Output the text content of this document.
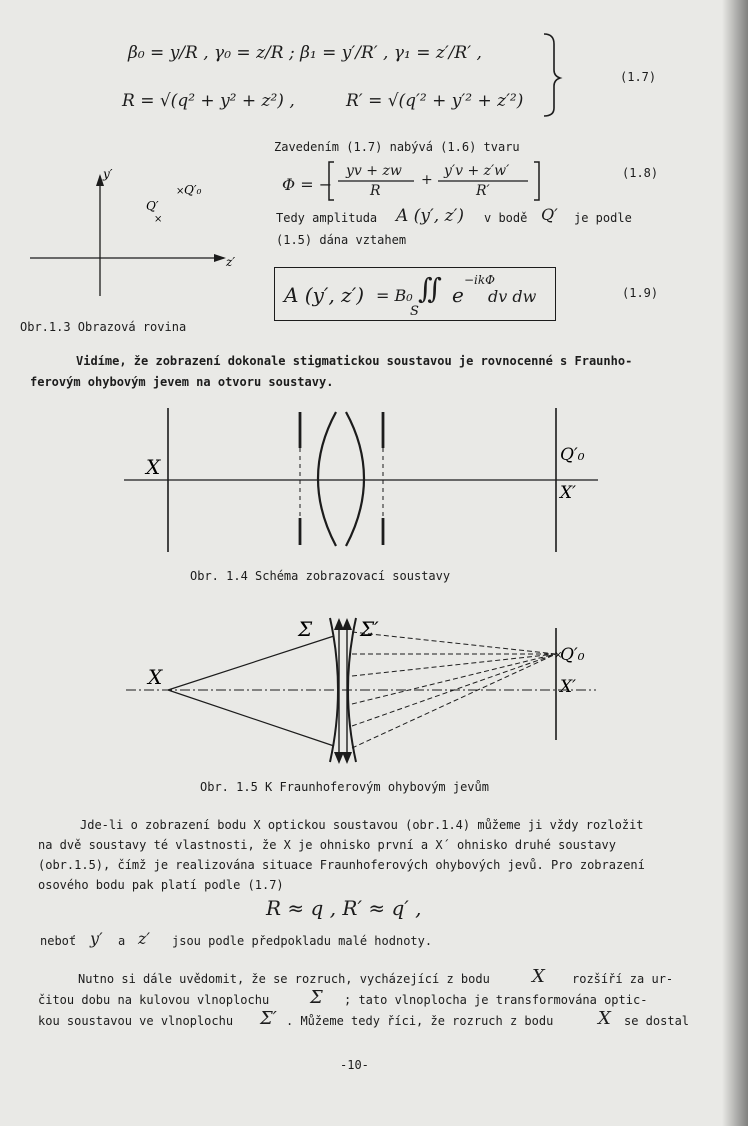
β₀ = y/R , γ₀ = z/R ; β₁ = y′/R′ , γ₁ = z′/R′ ,
R = √(q² + y² + z²) ,	R′ = √(q′² + y′² + z′²)
(1.7)
Zavedením (1.7) nabývá (1.6) tvaru
Φ = −
yv + zw
R
+
y′v + z′w′
R′
(1.8)
Tedy amplituda A (y′, z′) v bodě Q′ je podle
(1.5) dána vztahem
A (y′, z′) = B₀ ∬ e
−ikΦ
dv dw
S
(1.9)
y′
z′
Q′
×
× Q′₀
Obr.1.3 Obrazová rovina
Vidíme, že zobrazení dokonale stigmatickou soustavou je rovnocenné s Fraunho-
ferovým ohybovým jevem na otvoru soustavy.
X	Q′₀
X′
Obr. 1.4 Schéma zobrazovací soustavy
×
Σ Σ′
X
Q′₀
X′
Obr. 1.5 K Fraunhoferovým ohybovým jevům
Jde-li o zobrazení bodu X optickou soustavou (obr.1.4) můžeme ji vždy rozložit
na dvě soustavy té vlastnosti, že X je ohnisko první a X´ ohnisko druhé soustavy
(obr.1.5), čímž je realizována situace Fraunhoferových ohybových jevů. Pro zobrazení
osového bodu pak platí podle (1.7)
R ≈ q , R′ ≈ q′ ,
neboť y′ a z′ jsou podle předpokladu malé hodnoty.
Nutno si dále uvědomit, že se rozruch, vycházející z bodu X rozšíří za ur-
čitou dobu na kulovou vlnoplochu Σ ; tato vlnoplocha je transformována optic-
kou soustavou ve vlnoplochu Σ′ . Můžeme tedy říci, že rozruch z bodu X se dostal
-10-
